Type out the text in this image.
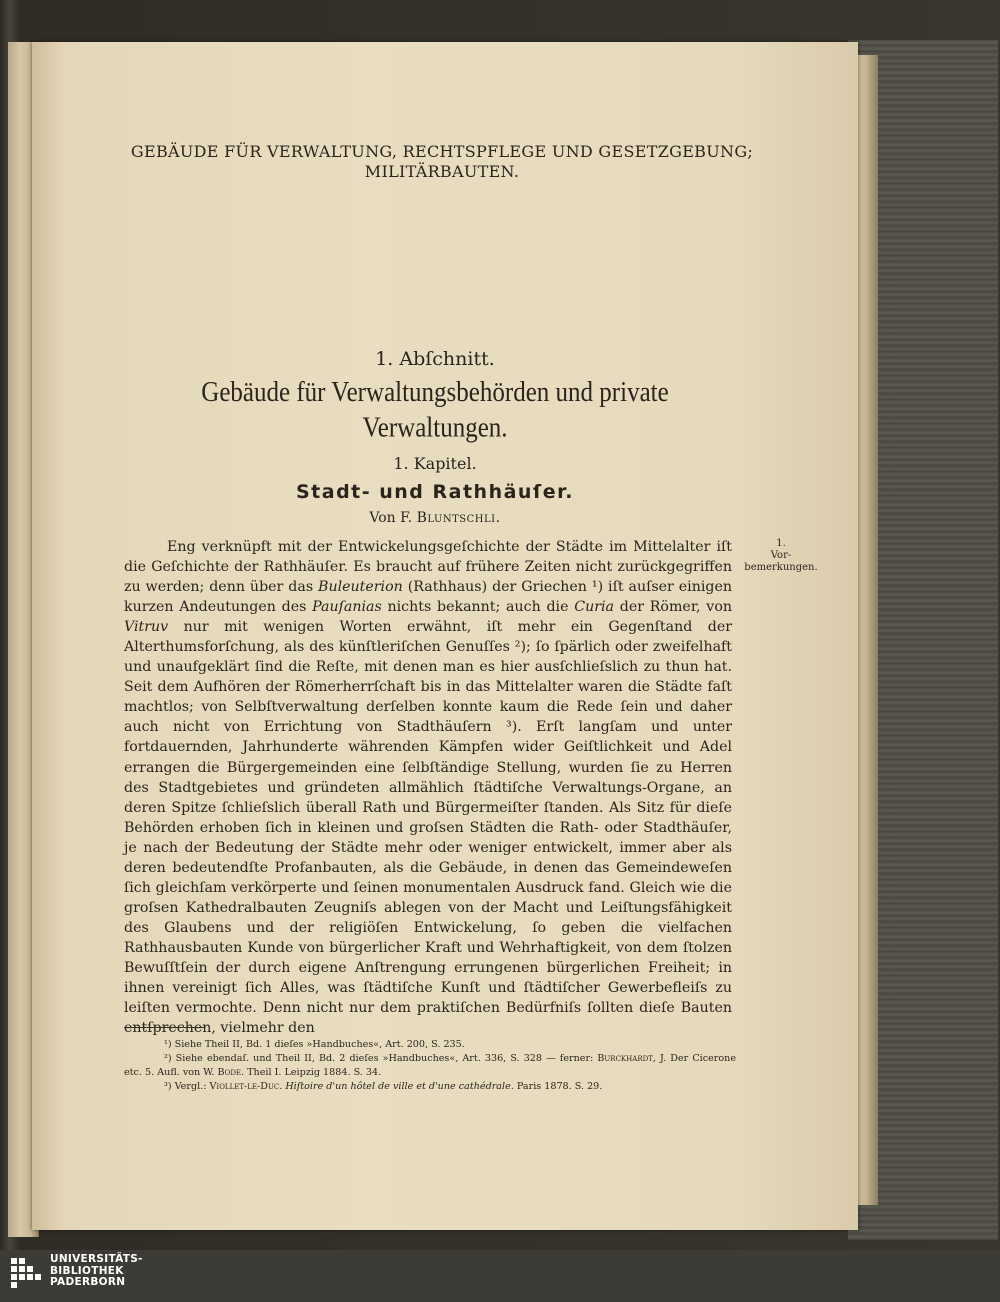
GEBÄUDE FÜR VERWALTUNG, RECHTSPFLEGE UND GESETZGEBUNG;
MILITÄRBAUTEN.
1. Abſchnitt.
Gebäude für Verwaltungsbehörden und private
Verwaltungen.
1. Kapitel.
Stadt- und Rathhäuſer.
Von F. Bluntschli.
1.
Vor-
bemerkungen.

Eng verknüpft mit der Entwickelungsgeſchichte der Städte im Mittelalter iſt die Geſchichte der Rathhäuſer. Es braucht auf frühere Zeiten nicht zurückgegriffen zu werden; denn über das Buleuterion (Rathhaus) der Griechen ¹) iſt auſser einigen kurzen Andeutungen des Pauſanias nichts bekannt; auch die Curia der Römer, von Vitruv nur mit wenigen Worten erwähnt, iſt mehr ein Gegenſtand der Alterthumsforſchung, als des künſtleriſchen Genuſſes ²); ſo ſpärlich oder zweifelhaft und unaufgeklärt ſind die Reſte, mit denen man es hier ausſchlieſslich zu thun hat. Seit dem Aufhören der Römerherrſchaft bis in das Mittelalter waren die Städte faſt machtlos; von Selbſtverwaltung derſelben konnte kaum die Rede ſein und daher auch nicht von Errichtung von Stadthäuſern ³). Erſt langſam und unter fortdauernden, Jahrhunderte währenden Kämpfen wider Geiſtlichkeit und Adel errangen die Bürgergemeinden eine ſelbſtändige Stellung, wurden ſie zu Herren des Stadtgebietes und gründeten allmählich ſtädtiſche Verwaltungs-Organe, an deren Spitze ſchlieſslich überall Rath und Bürgermeiſter ſtanden. Als Sitz für dieſe Behörden erhoben ſich in kleinen und groſsen Städten die Rath- oder Stadthäuſer, je nach der Bedeutung der Städte mehr oder weniger entwickelt, immer aber als deren bedeutendſte Profanbauten, als die Gebäude, in denen das Gemeindeweſen ſich gleichſam verkörperte und ſeinen monumentalen Ausdruck fand. Gleich wie die groſsen Kathedralbauten Zeugniſs ablegen von der Macht und Leiſtungsfähigkeit des Glaubens und der religiöſen Entwickelung, ſo geben die vielfachen Rathhausbauten Kunde von bürgerlicher Kraft und Wehrhaftigkeit, von dem ſtolzen Bewuſſtſein der durch eigene Anſtrengung errungenen bürgerlichen Freiheit; in ihnen vereinigt ſich Alles, was ſtädtiſche Kunſt und ſtädtiſcher Gewerbefleiſs zu leiſten vermochte. Denn nicht nur dem praktiſchen Bedürfniſs ſollten dieſe Bauten entſprechen, vielmehr den

¹) Siehe Theil II, Bd. 1 dieſes »Handbuches«, Art. 200, S. 235.

²) Siehe ebendaſ. und Theil II, Bd. 2 dieſes »Handbuches«, Art. 336, S. 328 — ferner: Burckhardt, J. Der Cicerone etc. 5. Aufl. von W. Bode. Theil I. Leipzig 1884. S. 34.

³) Vergl.: Viollet-le-Duc. Hiſtoire d'un hôtel de ville et d'une cathédrale. Paris 1878. S. 29.

UNIVERSITÄTS-
BIBLIOTHEK
PADERBORN
